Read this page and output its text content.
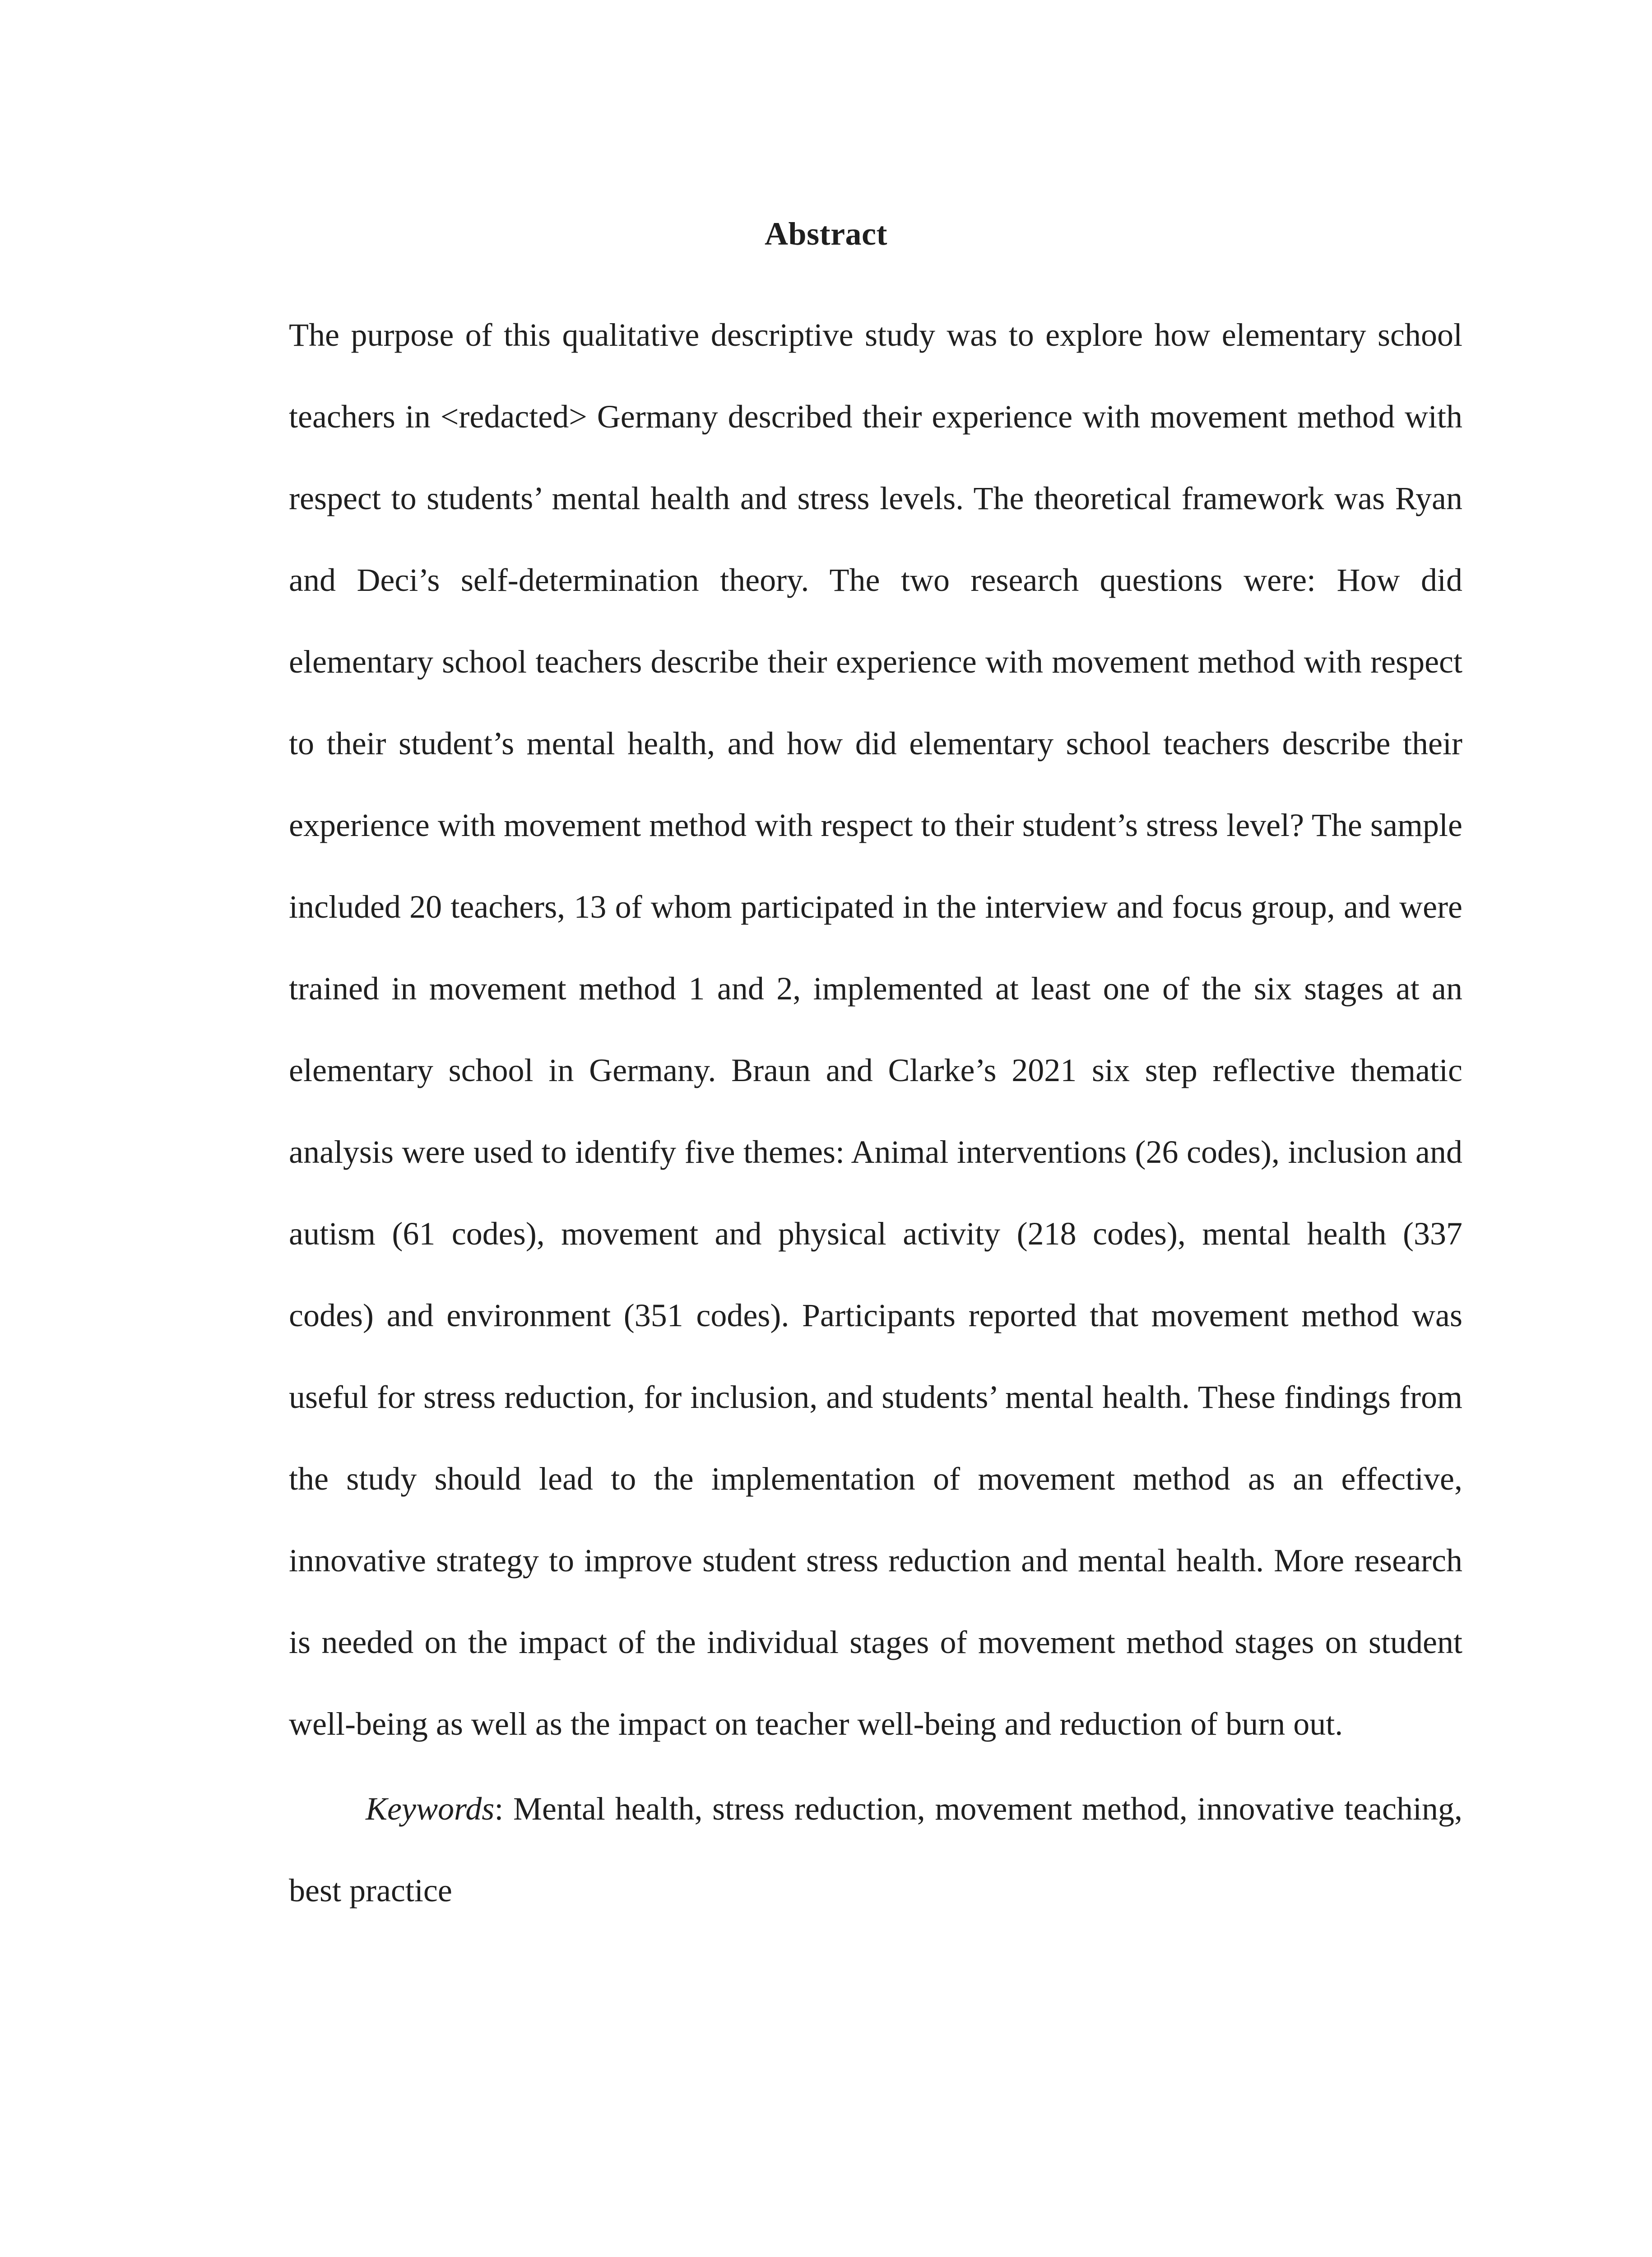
Abstract

The purpose of this qualitative descriptive study was to explore how elementary school teachers in <redacted> Germany described their experience with movement method with respect to students’ mental health and stress levels. The theoretical framework was Ryan and Deci’s self-determination theory. The two research questions were: How did elementary school teachers describe their experience with movement method with respect to their student’s mental health, and how did elementary school teachers describe their experience with movement method with respect to their student’s stress level? The sample included 20 teachers, 13 of whom participated in the interview and focus group, and were trained in movement method 1 and 2, implemented at least one of the six stages at an elementary school in Germany. Braun and Clarke’s 2021 six step reflective thematic analysis were used to identify five themes: Animal interventions (26 codes), inclusion and autism (61 codes), movement and physical activity (218 codes), mental health (337 codes) and environment (351 codes). Participants reported that movement method was useful for stress reduction, for inclusion, and students’ mental health. These findings from the study should lead to the implementation of movement method as an effective, innovative strategy to improve student stress reduction and mental health. More research is needed on the impact of the individual stages of movement method stages on student well-being as well as the impact on teacher well-being and reduction of burn out.

Keywords: Mental health, stress reduction, movement method, innovative teaching, best practice
